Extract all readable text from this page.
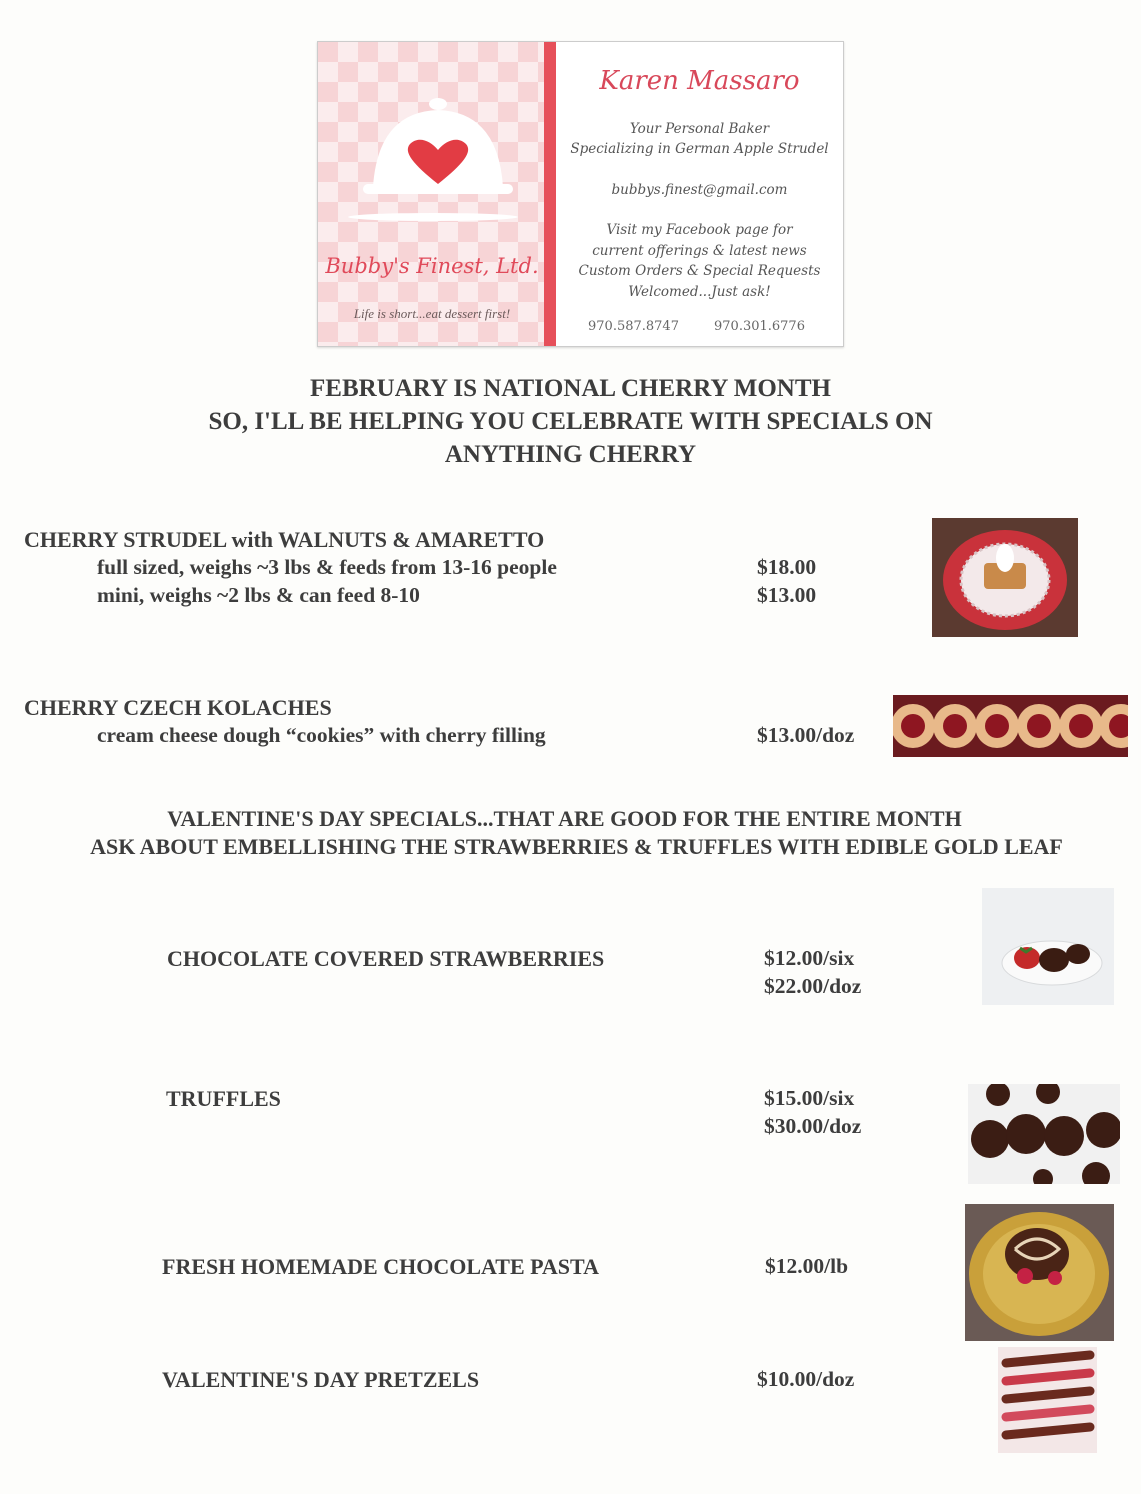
Bubby's Finest, Ltd.
Life is short...eat dessert first!
Karen Massaro
Your Personal Baker
Specializing in German Apple Strudel
bubbys.finest@gmail.com
Visit my Facebook page for
current offerings & latest news
Custom Orders & Special Requests
Welcomed...Just ask!
970.587.8747	970.301.6776
FEBRUARY IS NATIONAL CHERRY MONTH
SO, I'LL BE HELPING YOU CELEBRATE WITH SPECIALS ON
ANYTHING CHERRY
CHERRY STRUDEL with WALNUTS & AMARETTO
full sized, weighs ~3 lbs & feeds from 13-16 people	$18.00
mini, weighs ~2 lbs & can feed 8-10	$13.00
CHERRY CZECH KOLACHES
cream cheese dough “cookies” with cherry filling	$13.00/doz
VALENTINE'S DAY SPECIALS...THAT ARE GOOD FOR THE ENTIRE MONTH
ASK ABOUT EMBELLISHING THE STRAWBERRIES & TRUFFLES WITH EDIBLE GOLD LEAF
CHOCOLATE COVERED STRAWBERRIES	$12.00/six
$22.00/doz
TRUFFLES	$15.00/six
$30.00/doz
FRESH HOMEMADE CHOCOLATE PASTA	$12.00/lb
VALENTINE'S DAY PRETZELS	$10.00/doz
